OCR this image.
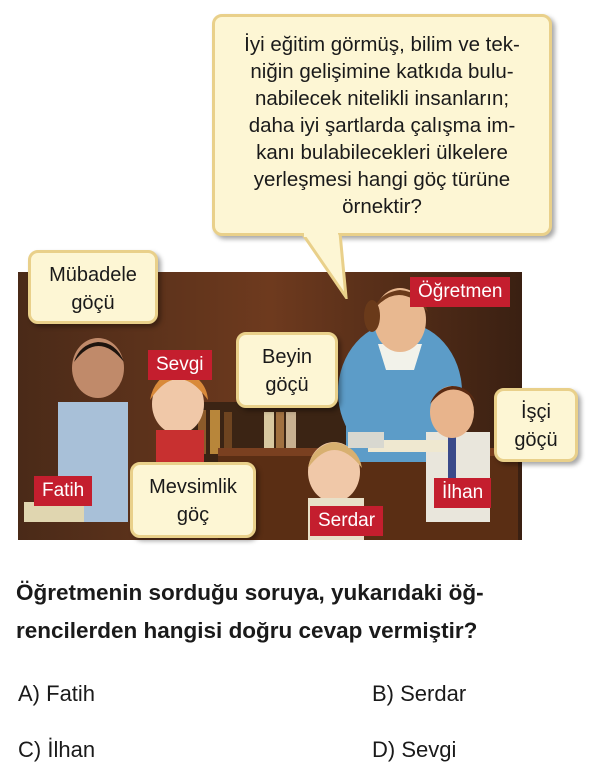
İyi eğitim görmüş, bilim ve tek-
niğin gelişimine katkıda bulu-
nabilecek nitelikli insanların;
daha iyi şartlarda çalışma im-
kanı bulabilecekleri ülkelere
yerleşmesi hangi göç türüne
örnektir?
Mübadele
göçü
Beyin
göçü
İşçi
göçü
Mevsimlik
göç
Öğretmen
Sevgi
Fatih	İlhan
Serdar

Öğretmenin sorduğu soruya, yukarıdaki öğ-
rencilerden hangisi doğru cevap vermiştir?

A) Fatih	B) Serdar
C) İlhan	D) Sevgi
